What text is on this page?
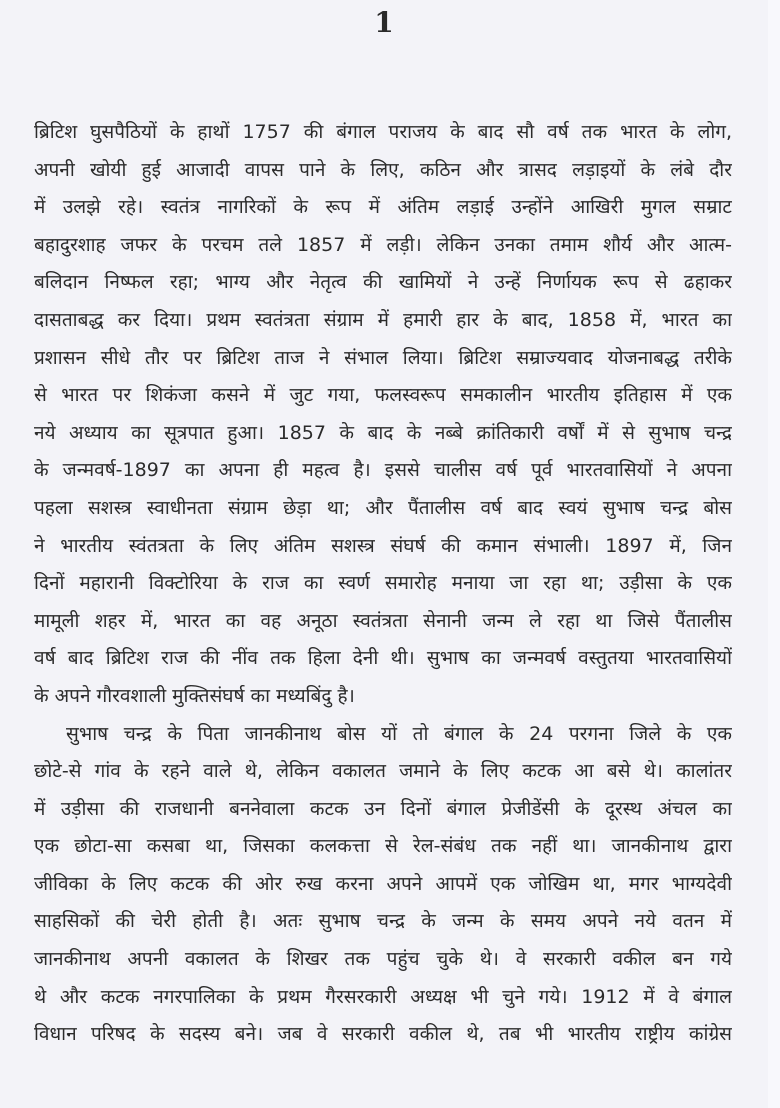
1
ब्रिटिश घुसपैठियों के हाथों 1757 की बंगाल पराजय के बाद सौ वर्ष तक भारत के लोग,
अपनी खोयी हुई आजादी वापस पाने के लिए, कठिन और त्रासद लड़ाइयों के लंबे दौर
में उलझे रहे। स्वतंत्र नागरिकों के रूप में अंतिम लड़ाई उन्होंने आखिरी मुगल सम्राट
बहादुरशाह जफर के परचम तले 1857 में लड़ी। लेकिन उनका तमाम शौर्य और आत्म-
बलिदान निष्फल रहा; भाग्य और नेतृत्व की खामियों ने उन्हें निर्णायक रूप से ढहाकर
दासताबद्ध कर दिया। प्रथम स्वतंत्रता संग्राम में हमारी हार के बाद, 1858 में, भारत का
प्रशासन सीधे तौर पर ब्रिटिश ताज ने संभाल लिया। ब्रिटिश सम्राज्यवाद योजनाबद्ध तरीके
से भारत पर शिकंजा कसने में जुट गया, फलस्वरूप समकालीन भारतीय इतिहास में एक
नये अध्याय का सूत्रपात हुआ। 1857 के बाद के नब्बे क्रांतिकारी वर्षों में से सुभाष चन्द्र
के जन्मवर्ष-1897 का अपना ही महत्व है। इससे चालीस वर्ष पूर्व भारतवासियों ने अपना
पहला सशस्त्र स्वाधीनता संग्राम छेड़ा था; और पैंतालीस वर्ष बाद स्वयं सुभाष चन्द्र बोस
ने भारतीय स्वंतत्रता के लिए अंतिम सशस्त्र संघर्ष की कमान संभाली। 1897 में, जिन
दिनों महारानी विक्टोरिया के राज का स्वर्ण समारोह मनाया जा रहा था; उड़ीसा के एक
मामूली शहर में, भारत का वह अनूठा स्वतंत्रता सेनानी जन्म ले रहा था जिसे पैंतालीस
वर्ष बाद ब्रिटिश राज की नींव तक हिला देनी थी। सुभाष का जन्मवर्ष वस्तुतया भारतवासियों
के अपने गौरवशाली मुक्तिसंघर्ष का मध्यबिंदु है।
सुभाष चन्द्र के पिता जानकीनाथ बोस यों तो बंगाल के 24 परगना जिले के एक
छोटे-से गांव के रहने वाले थे, लेकिन वकालत जमाने के लिए कटक आ बसे थे। कालांतर
में उड़ीसा की राजधानी बननेवाला कटक उन दिनों बंगाल प्रेजीडेंसी के दूरस्थ अंचल का
एक छोटा-सा कसबा था, जिसका कलकत्ता से रेल-संबंध तक नहीं था। जानकीनाथ द्वारा
जीविका के लिए कटक की ओर रुख करना अपने आपमें एक जोखिम था, मगर भाग्यदेवी
साहसिकों की चेरी होती है। अतः सुभाष चन्द्र के जन्म के समय अपने नये वतन में
जानकीनाथ अपनी वकालत के शिखर तक पहुंच चुके थे। वे सरकारी वकील बन गये
थे और कटक नगरपालिका के प्रथम गैरसरकारी अध्यक्ष भी चुने गये। 1912 में वे बंगाल
विधान परिषद के सदस्य बने। जब वे सरकारी वकील थे, तब भी भारतीय राष्ट्रीय कांग्रेस
